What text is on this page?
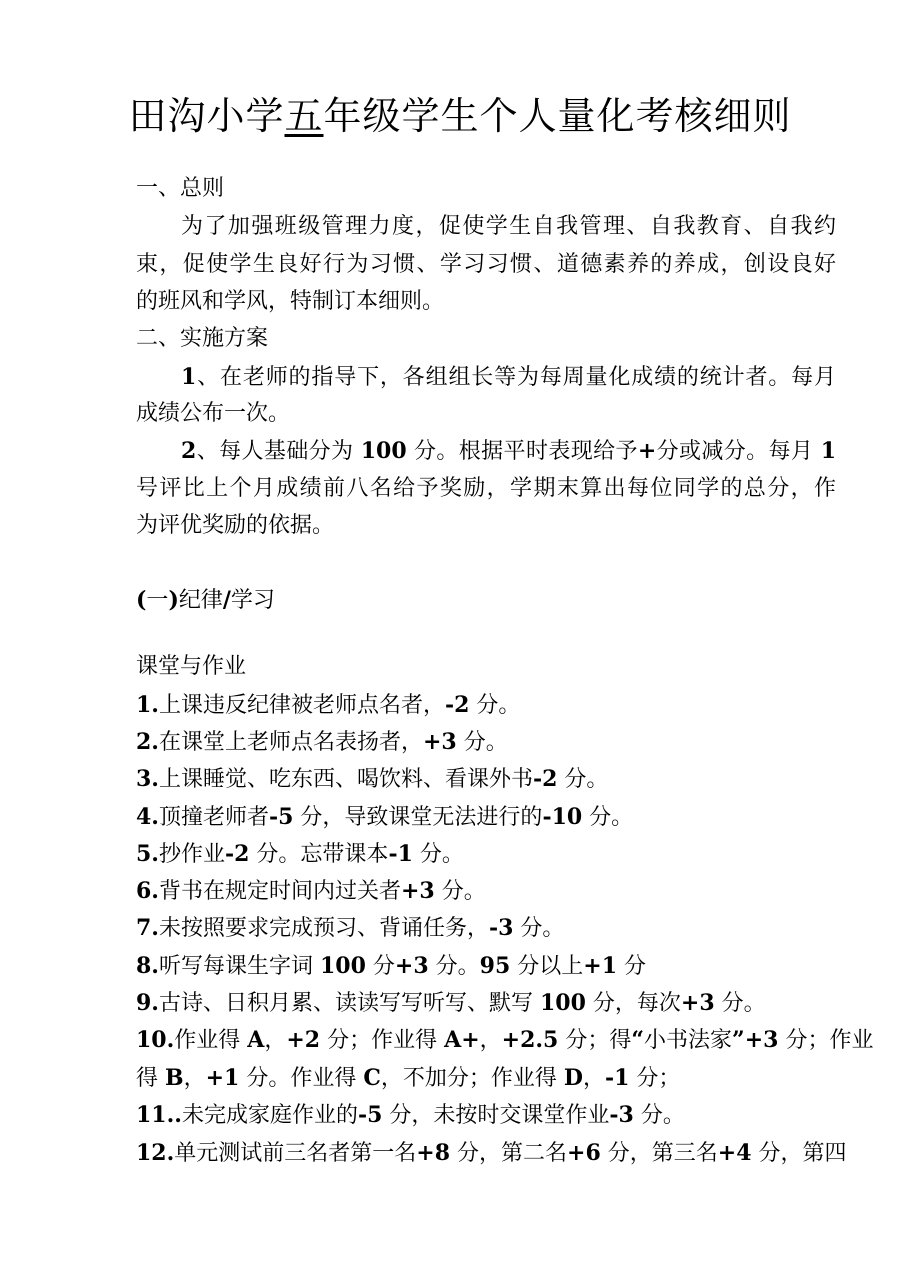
田沟小学五年级学生个人量化考核细则
一、总则
为了加强班级管理力度，促使学生自我管理、自我教育、自我约
束，促使学生良好行为习惯、学习习惯、道德素养的养成，创设良好
的班风和学风，特制订本细则。
二、实施方案
1、在老师的指导下，各组组长等为每周量化成绩的统计者。每月
成绩公布一次。
2、每人基础分为 100 分。根据平时表现给予+分或减分。每月 1
号评比上个月成绩前八名给予奖励，学期末算出每位同学的总分，作
为评优奖励的依据。
(一)纪律/学习
课堂与作业
1.上课违反纪律被老师点名者，-2 分。
2.在课堂上老师点名表扬者，+3 分。
3.上课睡觉、吃东西、喝饮料、看课外书-2 分。
4.顶撞老师者-5 分，导致课堂无法进行的-10 分。
5.抄作业-2 分。忘带课本-1 分。
6.背书在规定时间内过关者+3 分。
7.未按照要求完成预习、背诵任务，-3 分。
8.听写每课生字词 100 分+3 分。95 分以上+1 分
9.古诗、日积月累、读读写写听写、默写 100 分，每次+3 分。
10.作业得 A，+2 分；作业得 A+，+2.5 分；得“小书法家”+3 分；作业
得 B，+1 分。作业得 C，不加分；作业得 D，-1 分；
11..未完成家庭作业的-5 分，未按时交课堂作业-3 分。
12.单元测试前三名者第一名+8 分，第二名+6 分，第三名+4 分，第四
